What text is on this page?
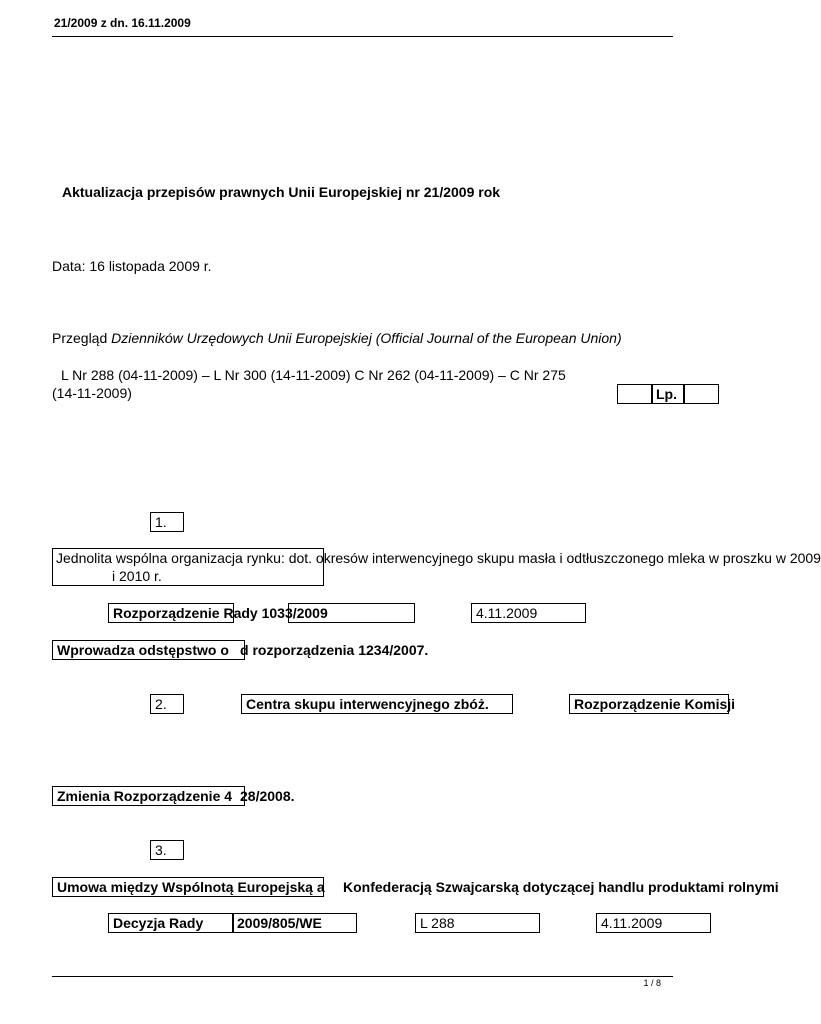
21/2009 z dn. 16.11.2009
Aktualizacja przepisów prawnych Unii Europejskiej nr 21/2009 rok
Data: 16 listopada 2009 r.
Przegląd Dzienników Urzędowych Unii Europejskiej (Official Journal of the European Union)
L Nr 288 (04-11-2009) – L Nr 300 (14-11-2009) C Nr 262 (04-11-2009) – C Nr 275
(14-11-2009)	Lp.
1.
Jednolita wspólna organizacja rynku: dot. okresów interwencyjnego skupu masła i odtłuszczonego mleka w proszku w 2009
i 2010 r.
Rozporządzenie Rady 1033/2009	4.11.2009
Wprowadza odstępstwo o d rozporządzenia 1234/2007.
2.	Centra skupu interwencyjnego zbóż.	Rozporządzenie Komisji
Zmienia Rozporządzenie 4 28/2008.
3.
Umowa między Wspólnotą Europejską a Konfederacją Szwajcarską dotyczącej handlu produktami rolnymi
Decyzja Rady	2009/805/WE	L 288	4.11.2009
1 / 8
